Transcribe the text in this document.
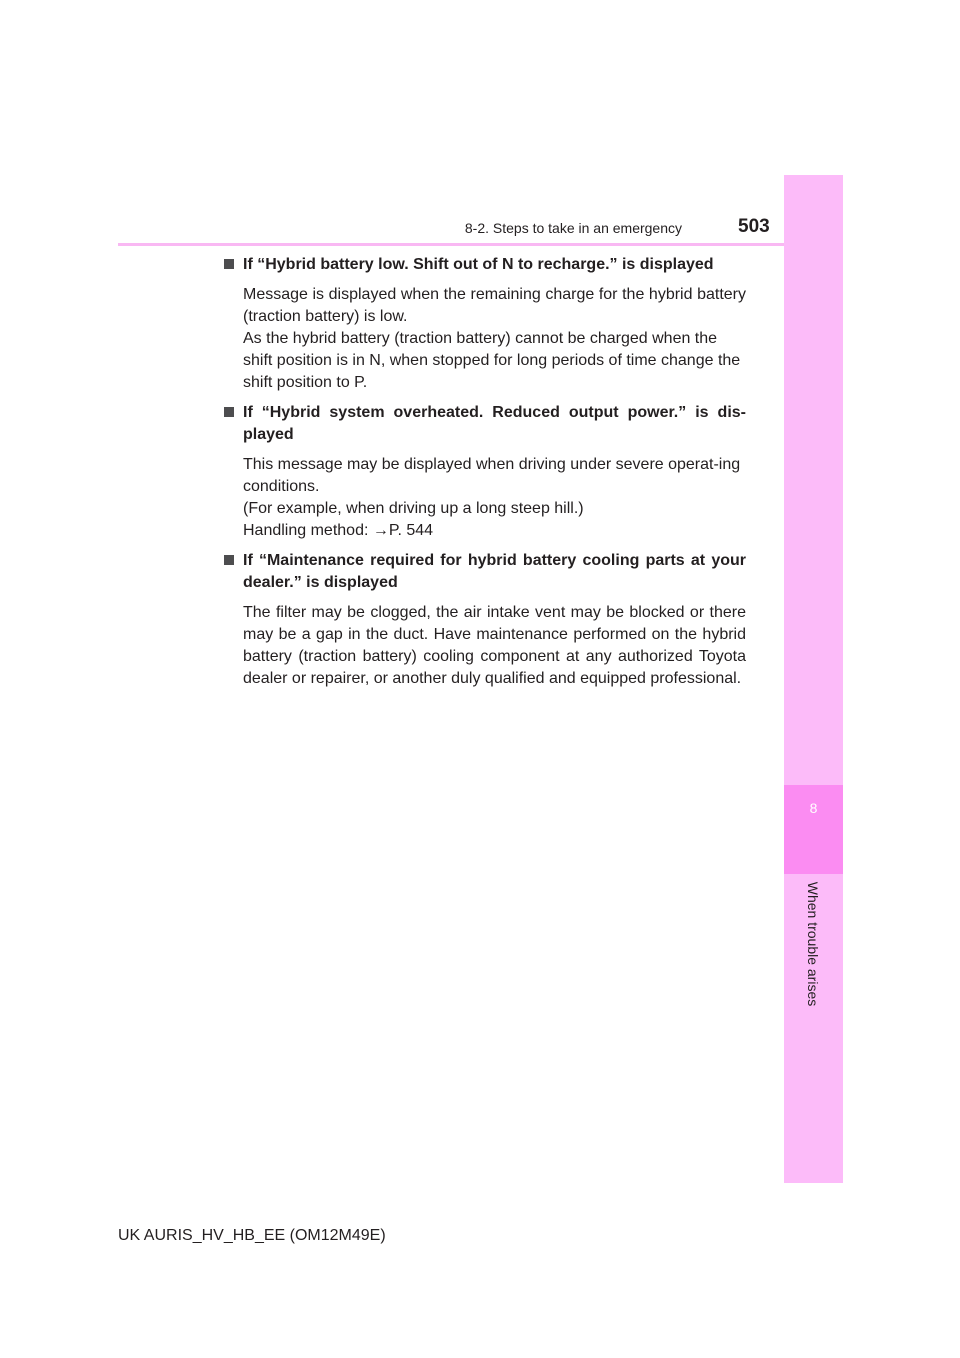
8-2. Steps to take in an emergency	503
8
When trouble arises
If “Hybrid battery low. Shift out of N to recharge.” is displayed

Message is displayed when the remaining charge for the hybrid battery (traction battery) is low.

As the hybrid battery (traction battery) cannot be charged when the shift position is in N, when stopped for long periods of time change the shift position to P.

If “Hybrid system overheated. Reduced output power.” is dis-played

This message may be displayed when driving under severe operat-ing conditions.

(For example, when driving up a long steep hill.)

Handling method: →P. 544

If “Maintenance required for hybrid battery cooling parts at your dealer.” is displayed

The filter may be clogged, the air intake vent may be blocked or there may be a gap in the duct. Have maintenance performed on the hybrid battery (traction battery) cooling component at any authorized Toyota dealer or repairer, or another duly qualified and equipped professional.

UK AURIS_HV_HB_EE (OM12M49E)
